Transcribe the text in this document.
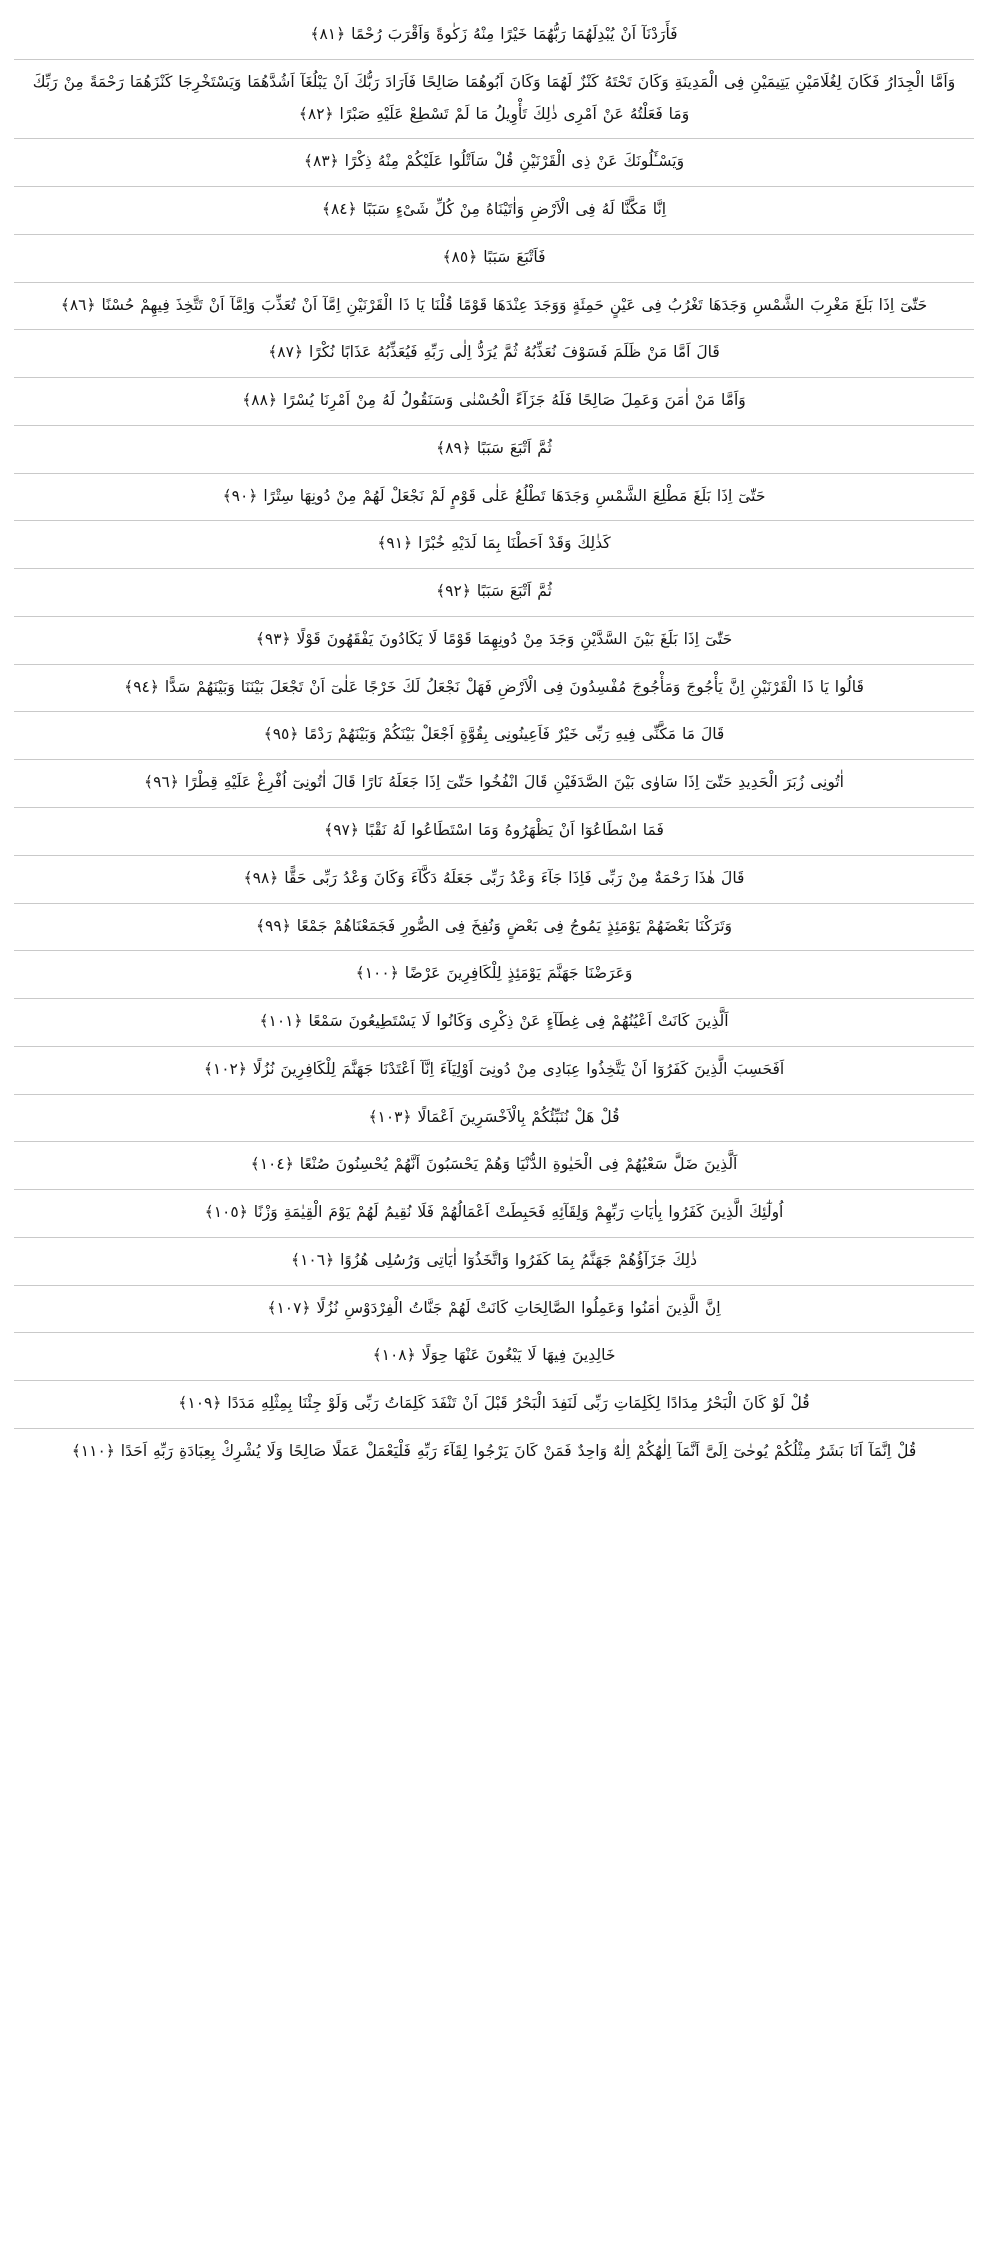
فَأَرَدْنَآ اَنْ يُبْدِلَهُمَا رَبُّهُمَا خَيْرًا مِنْهُ زَكٰوةً وَاَقْرَبَ رُحْمًا ﴿٨١﴾
وَاَمَّا الْجِدَارُ فَكَانَ لِغُلَامَيْنِ يَتِيمَيْنِ فِى الْمَدِينَةِ وَكَانَ تَحْتَهُ كَنْزٌ لَهُمَا وَكَانَ اَبُوهُمَا صَالِحًا فَاَرَادَ رَبُّكَ اَنْ يَبْلُغَآ اَشُدَّهُمَا وَيَسْتَخْرِجَا كَنْزَهُمَا رَحْمَةً مِنْ رَبِّكَ وَمَا فَعَلْتُهُ عَنْ اَمْرِى ذٰلِكَ تَأْوِيلُ مَا لَمْ تَسْطِعْ عَلَيْهِ صَبْرًا ﴿٨٢﴾
وَيَسْـَٔلُونَكَ عَنْ ذِى الْقَرْنَيْنِ قُلْ سَاَتْلُوا عَلَيْكُمْ مِنْهُ ذِكْرًا ﴿٨٣﴾
اِنَّا مَكَّنَّا لَهُ فِى الْاَرْضِ وَاٰتَيْنَاهُ مِنْ كُلِّ شَىْءٍ سَبَبًا ﴿٨٤﴾
فَاَتْبَعَ سَبَبًا ﴿٨٥﴾
حَتّٰىٓ اِذَا بَلَغَ مَغْرِبَ الشَّمْسِ وَجَدَهَا تَغْرُبُ فِى عَيْنٍ حَمِئَةٍ وَوَجَدَ عِنْدَهَا قَوْمًا قُلْنَا يَا ذَا الْقَرْنَيْنِ اِمَّآ اَنْ تُعَذِّبَ وَاِمَّآ اَنْ تَتَّخِذَ فِيهِمْ حُسْنًا ﴿٨٦﴾
قَالَ اَمَّا مَنْ ظَلَمَ فَسَوْفَ نُعَذِّبُهُ ثُمَّ يُرَدُّ اِلٰى رَبِّهِ فَيُعَذِّبُهُ عَذَابًا نُكْرًا ﴿٨٧﴾
وَاَمَّا مَنْ اٰمَنَ وَعَمِلَ صَالِحًا فَلَهُ جَزَآءً الْحُسْنٰى وَسَنَقُولُ لَهُ مِنْ اَمْرِنَا يُسْرًا ﴿٨٨﴾
ثُمَّ اَتْبَعَ سَبَبًا ﴿٨٩﴾
حَتّٰىٓ اِذَا بَلَغَ مَطْلِعَ الشَّمْسِ وَجَدَهَا تَطْلُعُ عَلٰى قَوْمٍ لَمْ نَجْعَلْ لَهُمْ مِنْ دُونِهَا سِتْرًا ﴿٩٠﴾
كَذٰلِكَ وَقَدْ اَحَطْنَا بِمَا لَدَيْهِ خُبْرًا ﴿٩١﴾
ثُمَّ اَتْبَعَ سَبَبًا ﴿٩٢﴾
حَتّٰىٓ اِذَا بَلَغَ بَيْنَ السَّدَّيْنِ وَجَدَ مِنْ دُونِهِمَا قَوْمًا لَا يَكَادُونَ يَفْقَهُونَ قَوْلًا ﴿٩٣﴾
قَالُوا يَا ذَا الْقَرْنَيْنِ اِنَّ يَأْجُوجَ وَمَأْجُوجَ مُفْسِدُونَ فِى الْاَرْضِ فَهَلْ نَجْعَلُ لَكَ خَرْجًا عَلٰىٓ اَنْ تَجْعَلَ بَيْنَنَا وَبَيْنَهُمْ سَدًّا ﴿٩٤﴾
قَالَ مَا مَكَّنِّى فِيهِ رَبِّى خَيْرٌ فَاَعِينُونِى بِقُوَّةٍ اَجْعَلْ بَيْنَكُمْ وَبَيْنَهُمْ رَدْمًا ﴿٩٥﴾
اٰتُونِى زُبَرَ الْحَدِيدِ حَتّٰىٓ اِذَا سَاوٰى بَيْنَ الصَّدَفَيْنِ قَالَ انْفُخُوا حَتّٰىٓ اِذَا جَعَلَهُ نَارًا قَالَ اٰتُونِىٓ اُفْرِغْ عَلَيْهِ قِطْرًا ﴿٩٦﴾
فَمَا اسْطَاعُوٓا اَنْ يَظْهَرُوهُ وَمَا اسْتَطَاعُوا لَهُ نَقْبًا ﴿٩٧﴾
قَالَ هٰذَا رَحْمَةٌ مِنْ رَبِّى فَاِذَا جَآءَ وَعْدُ رَبِّى جَعَلَهُ دَكَّآءَ وَكَانَ وَعْدُ رَبِّى حَقًّا ﴿٩٨﴾
وَتَرَكْنَا بَعْضَهُمْ يَوْمَئِذٍ يَمُوجُ فِى بَعْضٍ وَنُفِخَ فِى الصُّورِ فَجَمَعْنَاهُمْ جَمْعًا ﴿٩٩﴾
وَعَرَضْنَا جَهَنَّمَ يَوْمَئِذٍ لِلْكَافِرِينَ عَرْضًا ﴿١٠٠﴾
اَلَّذِينَ كَانَتْ اَعْيُنُهُمْ فِى غِطَآءٍ عَنْ ذِكْرِى وَكَانُوا لَا يَسْتَطِيعُونَ سَمْعًا ﴿١٠١﴾
اَفَحَسِبَ الَّذِينَ كَفَرُوٓا اَنْ يَتَّخِذُوا عِبَادِى مِنْ دُونِىٓ اَوْلِيَآءَ اِنَّآ اَعْتَدْنَا جَهَنَّمَ لِلْكَافِرِينَ نُزُلًا ﴿١٠٢﴾
قُلْ هَلْ نُنَبِّئُكُمْ بِالْاَخْسَرِينَ اَعْمَالًا ﴿١٠٣﴾
اَلَّذِينَ ضَلَّ سَعْيُهُمْ فِى الْحَيٰوةِ الدُّنْيَا وَهُمْ يَحْسَبُونَ اَنَّهُمْ يُحْسِنُونَ صُنْعًا ﴿١٠٤﴾
اُولٰٓئِكَ الَّذِينَ كَفَرُوا بِاٰيَاتِ رَبِّهِمْ وَلِقَآئِهِ فَحَبِطَتْ اَعْمَالُهُمْ فَلَا نُقِيمُ لَهُمْ يَوْمَ الْقِيٰمَةِ وَزْنًا ﴿١٠٥﴾
ذٰلِكَ جَزَآؤُهُمْ جَهَنَّمُ بِمَا كَفَرُوا وَاتَّخَذُوٓا اٰيَاتِى وَرُسُلِى هُزُوًا ﴿١٠٦﴾
اِنَّ الَّذِينَ اٰمَنُوا وَعَمِلُوا الصَّالِحَاتِ كَانَتْ لَهُمْ جَنَّاتُ الْفِرْدَوْسِ نُزُلًا ﴿١٠٧﴾
خَالِدِينَ فِيهَا لَا يَبْغُونَ عَنْهَا حِوَلًا ﴿١٠٨﴾
قُلْ لَوْ كَانَ الْبَحْرُ مِدَادًا لِكَلِمَاتِ رَبِّى لَنَفِدَ الْبَحْرُ قَبْلَ اَنْ تَنْفَدَ كَلِمَاتُ رَبِّى وَلَوْ جِئْنَا بِمِثْلِهِ مَدَدًا ﴿١٠٩﴾
قُلْ اِنَّمَآ اَنَا بَشَرٌ مِثْلُكُمْ يُوحٰىٓ اِلَىَّ اَنَّمَآ اِلٰهُكُمْ اِلٰهٌ وَاحِدٌ فَمَنْ كَانَ يَرْجُوا لِقَآءَ رَبِّهِ فَلْيَعْمَلْ عَمَلًا صَالِحًا وَلَا يُشْرِكْ بِعِبَادَةِ رَبِّهِ اَحَدًا ﴿١١٠﴾
